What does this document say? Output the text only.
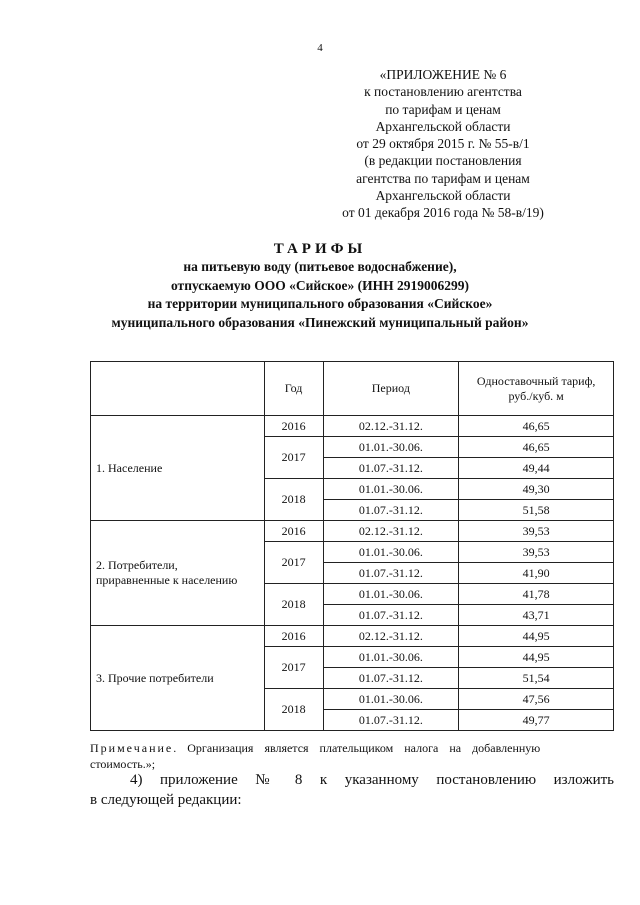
4
«ПРИЛОЖЕНИЕ № 6
к постановлению агентства
по тарифам и ценам
Архангельской области
от 29 октября 2015 г. № 55-в/1
(в редакции постановления
агентства по тарифам и ценам
Архангельской области
от 01 декабря 2016 года № 58-в/19)
ТАРИФЫ
на питьевую воду (питьевое водоснабжение),
отпускаемую ООО «Сийское» (ИНН 2919006299)
на территории муниципального образования «Сийское»
муниципального образования «Пинежский муниципальный район»
	Год	Период	Одноставочный тариф,
руб./куб. м

1. Население	2016	02.12.-31.12.	46,65
	2017	01.01.-30.06.	46,65
		01.07.-31.12.	49,44
	2018	01.01.-30.06.	49,30
		01.07.-31.12.	51,58

2. Потребители,
приравненные к населению	2016	02.12.-31.12.	39,53
	2017	01.01.-30.06.	39,53
		01.07.-31.12.	41,90
	2018	01.01.-30.06.	41,78
		01.07.-31.12.	43,71

3. Прочие потребители	2016	02.12.-31.12.	44,95
	2017	01.01.-30.06.	44,95
		01.07.-31.12.	51,54
	2018	01.01.-30.06.	47,56
		01.07.-31.12.	49,77
Примечание. Организация является плательщиком налога на добавленную стоимость.»;
4) приложение № 8 к указанному постановлению изложить
в следующей редакции:
